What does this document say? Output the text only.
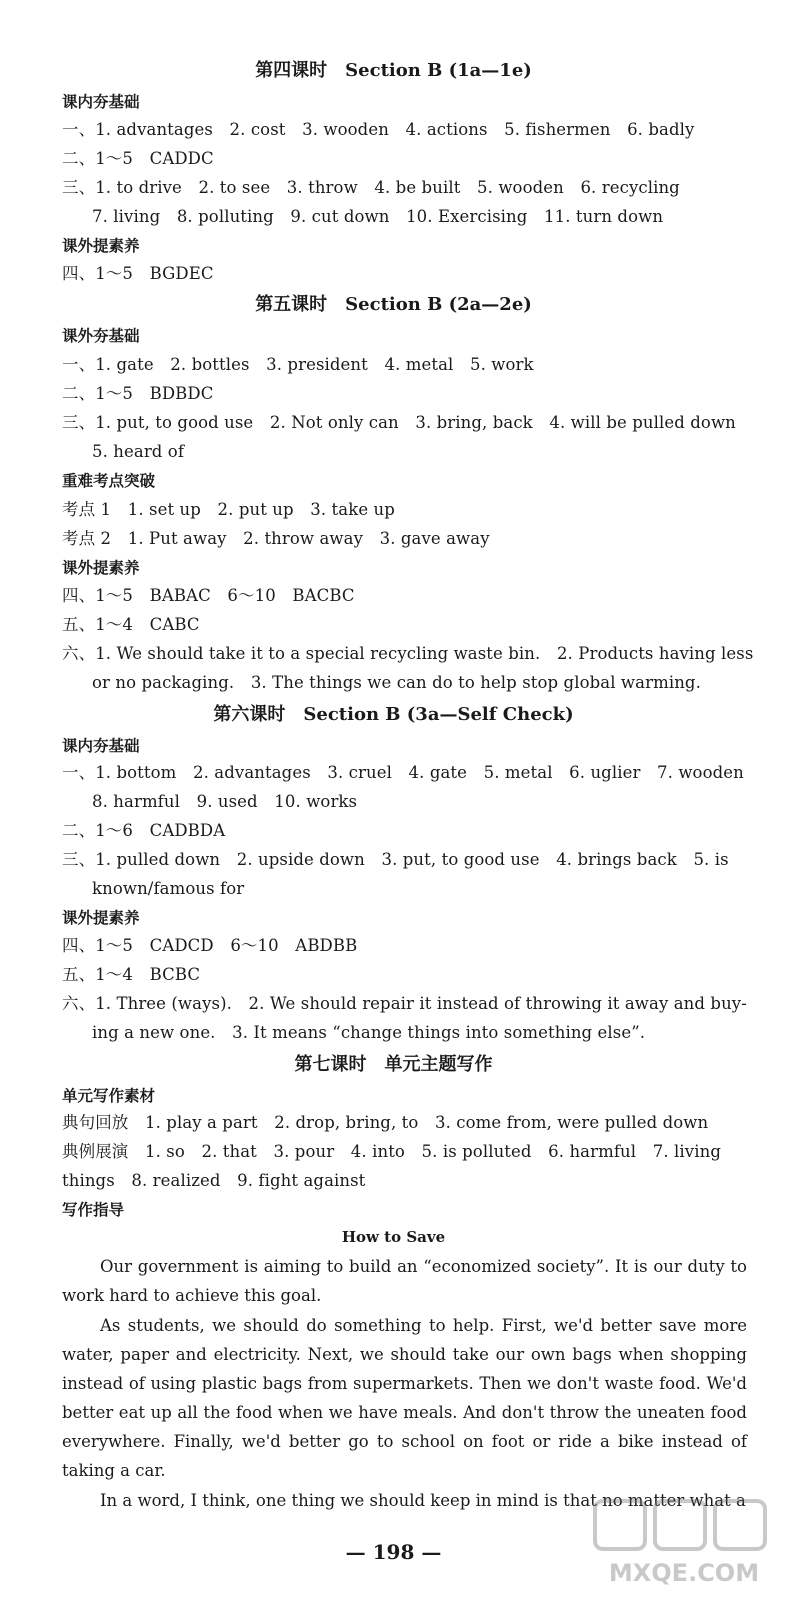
第四课时　Section B (1a—1e)
课内夯基础
一、1. advantages　2. cost　3. wooden　4. actions　5. fishermen　6. badly
二、1～5　CADDC
三、1. to drive　2. to see　3. throw　4. be built　5. wooden　6. recycling
7. living　8. polluting　9. cut down　10. Exercising　11. turn down
课外提素养
四、1～5　BGDEC
第五课时　Section B (2a—2e)
课外夯基础
一、1. gate　2. bottles　3. president　4. metal　5. work
二、1～5　BDBDC
三、1. put, to good use　2. Not only can　3. bring, back　4. will be pulled down
5. heard of
重难考点突破
考点 1　1. set up　2. put up　3. take up
考点 2　1. Put away　2. throw away　3. gave away
课外提素养
四、1～5　BABAC　6～10　BACBC
五、1～4　CABC
六、1. We should take it to a special recycling waste bin.　2. Products having less
or no packaging.　3. The things we can do to help stop global warming.
第六课时　Section B (3a—Self Check)
课内夯基础
一、1. bottom　2. advantages　3. cruel　4. gate　5. metal　6. uglier　7. wooden
8. harmful　9. used　10. works
二、1～6　CADBDA
三、1. pulled down　2. upside down　3. put, to good use　4. brings back　5. is
known/famous for
课外提素养
四、1～5　CADCD　6～10　ABDBB
五、1～4　BCBC
六、1. Three (ways).　2. We should repair it instead of throwing it away and buy-
ing a new one.　3. It means “change things into something else”.
第七课时　单元主题写作
单元写作素材
典句回放　1. play a part　2. drop, bring, to　3. come from, were pulled down
典例展演　1. so　2. that　3. pour　4. into　5. is polluted　6. harmful　7. living
things　8. realized　9. fight against
写作指导
How to Save
Our government is aiming to build an “economized society”. It is our duty to work hard to achieve this goal.
As students, we should do something to help. First, we'd better save more water, paper and electricity. Next, we should take our own bags when shopping instead of using plastic bags from supermarkets. Then we don't waste food. We'd better eat up all the food when we have meals. And don't throw the uneaten food everywhere. Finally, we'd better go to school on foot or ride a bike instead of taking a car.
In a word, I think, one thing we should keep in mind is that no matter what a
— 198 —
MXQE.COM
